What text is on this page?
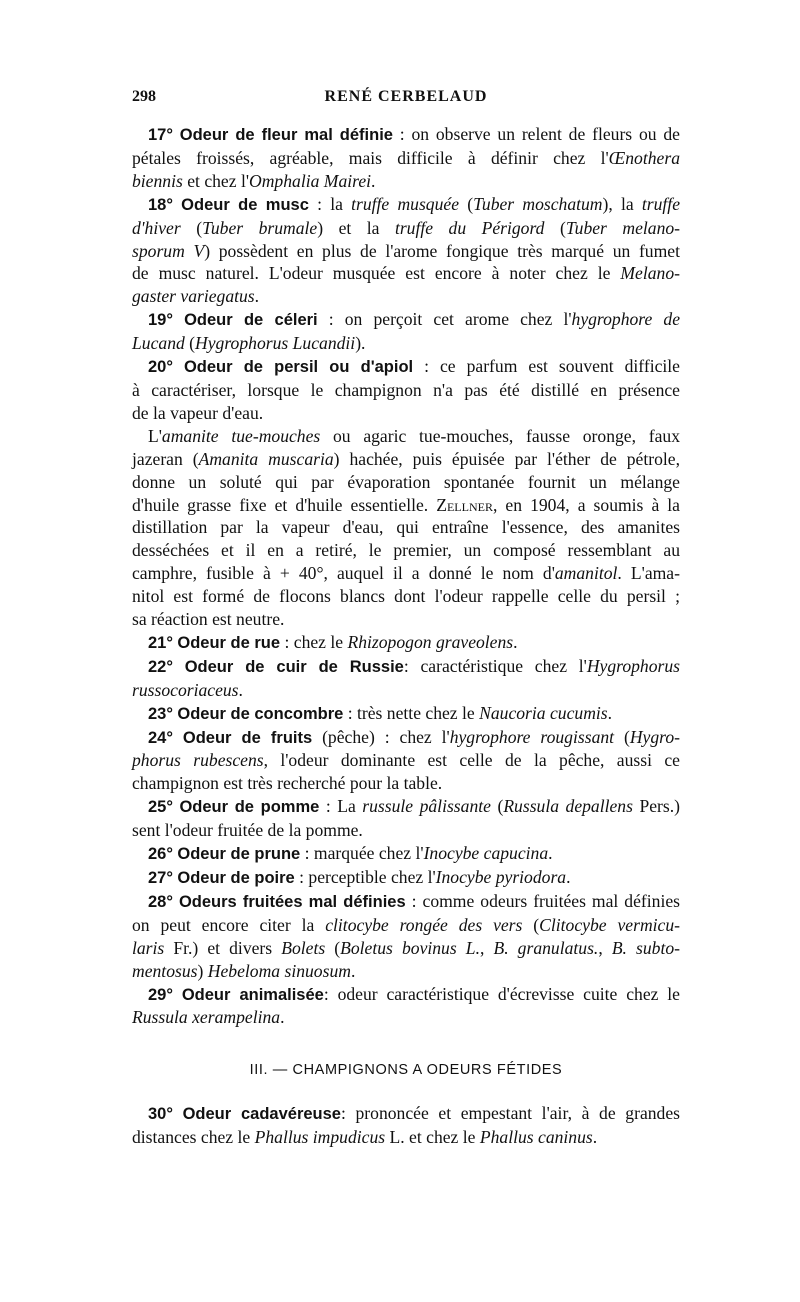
298	RENÉ CERBELAUD
17° Odeur de fleur mal définie : on observe un relent de fleurs ou de
pétales froissés, agréable, mais difficile à définir chez l'Œnothera
biennis et chez l'Omphalia Mairei.
18° Odeur de musc : la truffe musquée (Tuber moschatum), la truffe
d'hiver (Tuber brumale) et la truffe du Périgord (Tuber melano-
sporum V) possèdent en plus de l'arome fongique très marqué un fumet
de musc naturel. L'odeur musquée est encore à noter chez le Melano-
gaster variegatus.
19° Odeur de céleri : on perçoit cet arome chez l'hygrophore de
Lucand (Hygrophorus Lucandii).
20° Odeur de persil ou d'apiol : ce parfum est souvent difficile
à caractériser, lorsque le champignon n'a pas été distillé en présence
de la vapeur d'eau.
L'amanite tue-mouches ou agaric tue-mouches, fausse oronge, faux
jazeran (Amanita muscaria) hachée, puis épuisée par l'éther de pétrole,
donne un soluté qui par évaporation spontanée fournit un mélange
d'huile grasse fixe et d'huile essentielle. Zellner, en 1904, a soumis à la
distillation par la vapeur d'eau, qui entraîne l'essence, des amanites
desséchées et il en a retiré, le premier, un composé ressemblant au
camphre, fusible à + 40°, auquel il a donné le nom d'amanitol. L'ama-
nitol est formé de flocons blancs dont l'odeur rappelle celle du persil ;
sa réaction est neutre.
21° Odeur de rue : chez le Rhizopogon graveolens.
22° Odeur de cuir de Russie: caractéristique chez l'Hygrophorus
russocoriaceus.
23° Odeur de concombre : très nette chez le Naucoria cucumis.
24° Odeur de fruits (pêche) : chez l'hygrophore rougissant (Hygro-
phorus rubescens, l'odeur dominante est celle de la pêche, aussi ce
champignon est très recherché pour la table.
25° Odeur de pomme : La russule pâlissante (Russula depallens Pers.)
sent l'odeur fruitée de la pomme.
26° Odeur de prune : marquée chez l'Inocybe capucina.
27° Odeur de poire : perceptible chez l'Inocybe pyriodora.
28° Odeurs fruitées mal définies : comme odeurs fruitées mal définies
on peut encore citer la clitocybe rongée des vers (Clitocybe vermicu-
laris Fr.) et divers Bolets (Boletus bovinus L., B. granulatus., B. subto-
mentosus) Hebeloma sinuosum.
29° Odeur animalisée: odeur caractéristique d'écrevisse cuite chez le
Russula xerampelina.
III. — CHAMPIGNONS A ODEURS FÉTIDES
30° Odeur cadavéreuse: prononcée et empestant l'air, à de grandes
distances chez le Phallus impudicus L. et chez le Phallus caninus.
